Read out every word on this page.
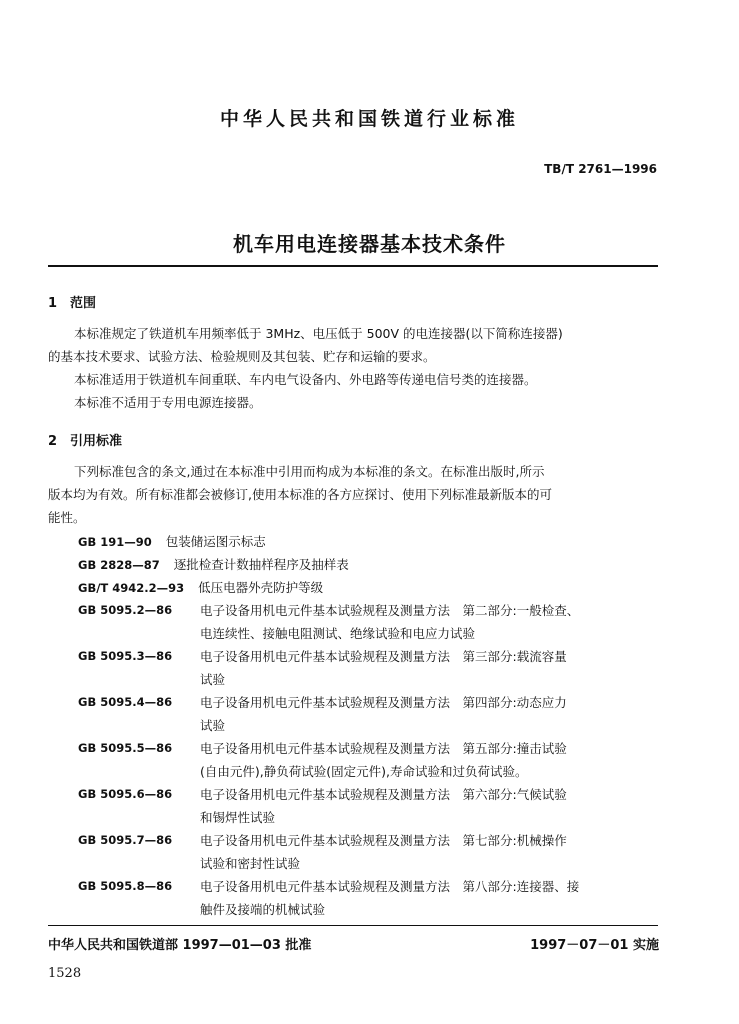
中华人民共和国铁道行业标准
TB/T 2761—1996
机车用电连接器基本技术条件
1 范围
本标准规定了铁道机车用频率低于 3MHz、电压低于 500V 的电连接器(以下简称连接器)
的基本技术要求、试验方法、检验规则及其包装、贮存和运输的要求。
本标准适用于铁道机车间重联、车内电气设备内、外电路等传递电信号类的连接器。
本标准不适用于专用电源连接器。
2 引用标准
下列标准包含的条文,通过在本标准中引用而构成为本标准的条文。在标准出版时,所示
版本均为有效。所有标准都会被修订,使用本标准的各方应探讨、使用下列标准最新版本的可
能性。
GB 191—90 包装储运图示标志
GB 2828—87 逐批检查计数抽样程序及抽样表
GB/T 4942.2—93 低压电器外壳防护等级
GB 5095.2—86	电子设备用机电元件基本试验规程及测量方法　第二部分:一般检查、
电连续性、接触电阻测试、绝缘试验和电应力试验
GB 5095.3—86	电子设备用机电元件基本试验规程及测量方法　第三部分:载流容量
试验
GB 5095.4—86	电子设备用机电元件基本试验规程及测量方法　第四部分:动态应力
试验
GB 5095.5—86	电子设备用机电元件基本试验规程及测量方法　第五部分:撞击试验
(自由元件),静负荷试验(固定元件),寿命试验和过负荷试验。
GB 5095.6—86	电子设备用机电元件基本试验规程及测量方法　第六部分:气候试验
和锡焊性试验
GB 5095.7—86	电子设备用机电元件基本试验规程及测量方法　第七部分:机械操作
试验和密封性试验
GB 5095.8—86	电子设备用机电元件基本试验规程及测量方法　第八部分:连接器、接
触件及接端的机械试验
中华人民共和国铁道部 1997—01—03 批准	1997－07－01 实施
1528
